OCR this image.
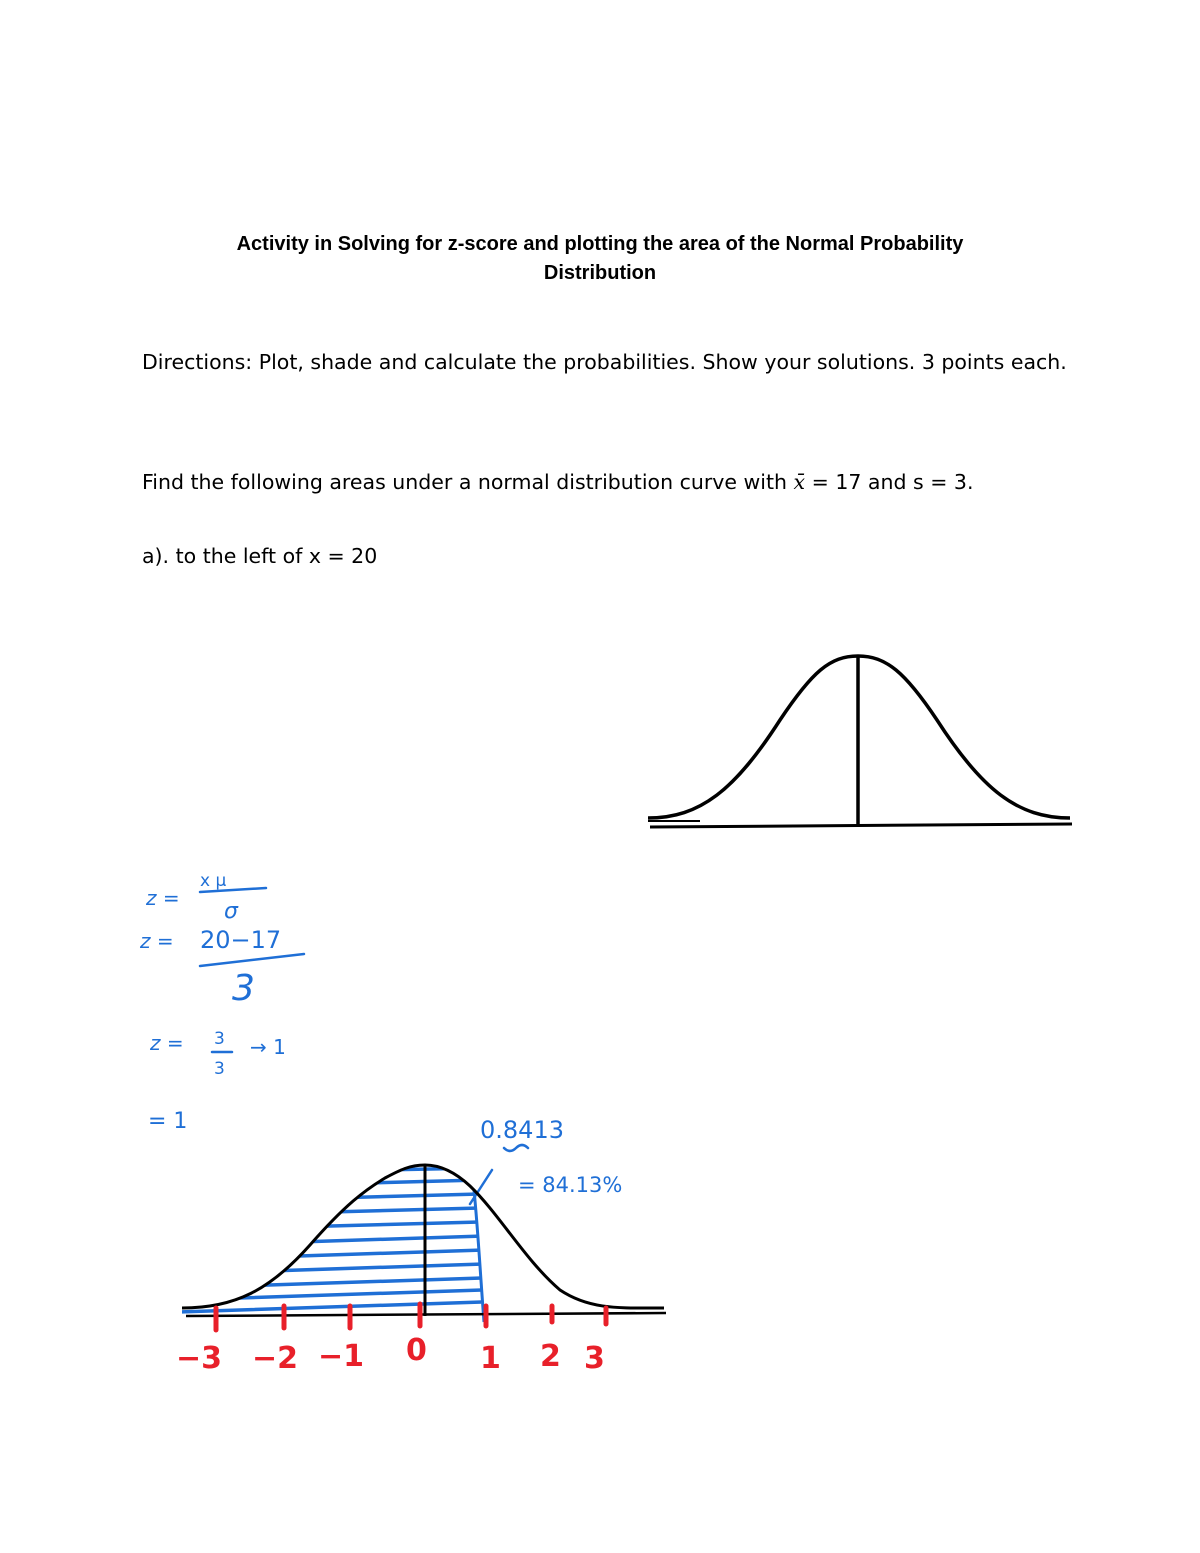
Activity in Solving for z-score and plotting the area of the Normal Probability
Distribution
Directions: Plot, shade and calculate the probabilities. Show your solutions. 3 points each.
Find the following areas under a normal distribution curve with x̄ = 17 and s = 3.
a). to the left of x = 20
z =
x μ
σ
z = 20−17
3
z = 3
3
→ 1
= 1	0.8413
= 84.13%
−3 −2 −1 0 1 2 3
